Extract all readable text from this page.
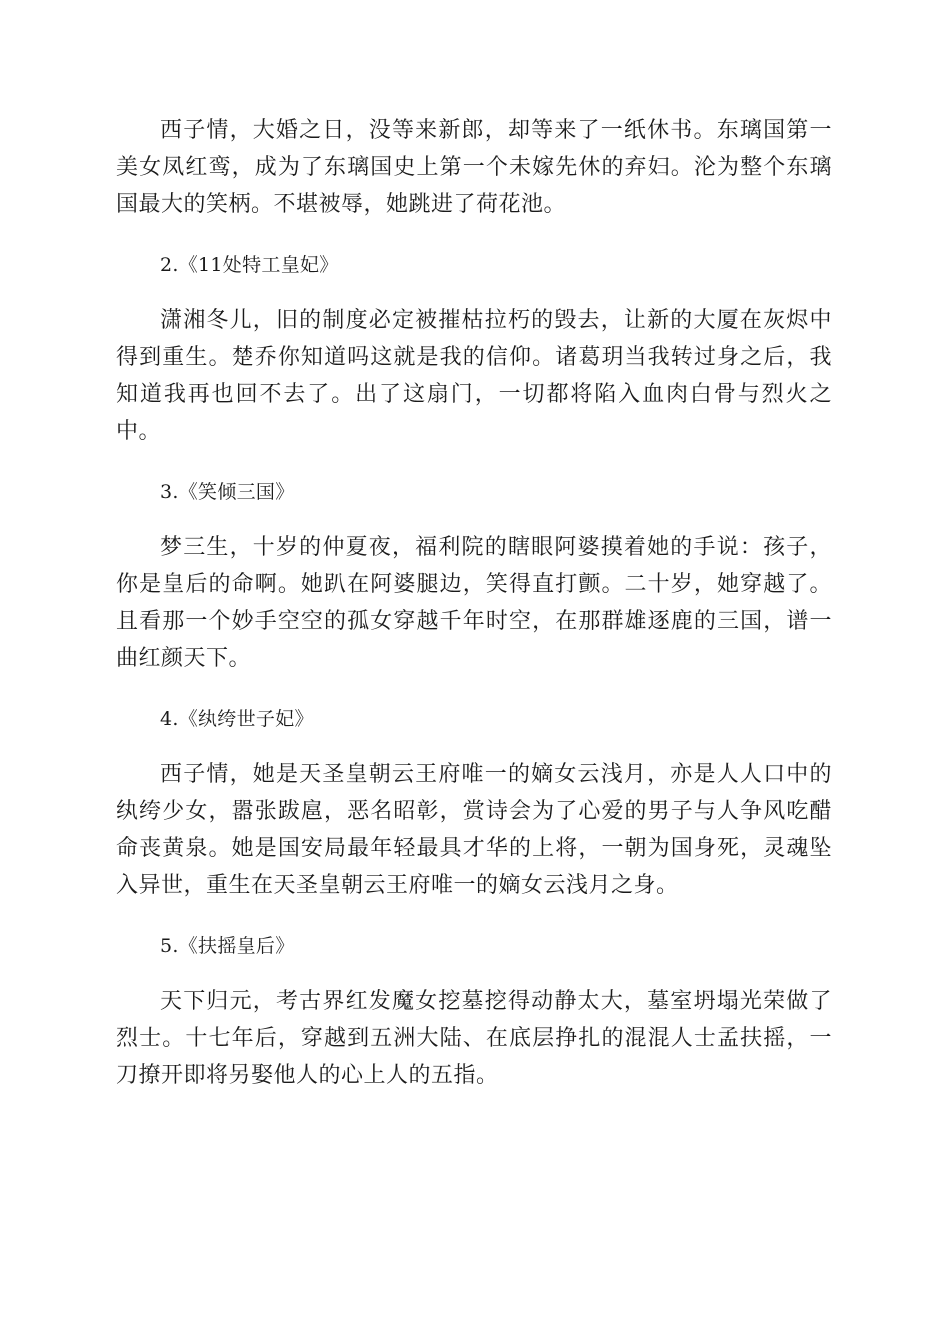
西子情，大婚之日，没等来新郎，却等来了一纸休书。东璃国第一美女凤红鸾，成为了东璃国史上第一个未嫁先休的弃妇。沦为整个东璃国最大的笑柄。不堪被辱，她跳进了荷花池。

2.《11处特工皇妃》

潇湘冬儿，旧的制度必定被摧枯拉朽的毁去，让新的大厦在灰烬中得到重生。楚乔你知道吗这就是我的信仰。诸葛玥当我转过身之后，我知道我再也回不去了。出了这扇门，一切都将陷入血肉白骨与烈火之中。

3.《笑倾三国》

梦三生，十岁的仲夏夜，福利院的瞎眼阿婆摸着她的手说：孩子，你是皇后的命啊。她趴在阿婆腿边，笑得直打颤。二十岁，她穿越了。且看那一个妙手空空的孤女穿越千年时空，在那群雄逐鹿的三国，谱一曲红颜天下。

4.《纨绔世子妃》

西子情，她是天圣皇朝云王府唯一的嫡女云浅月，亦是人人口中的纨绔少女，嚣张跋扈，恶名昭彰，赏诗会为了心爱的男子与人争风吃醋命丧黄泉。她是国安局最年轻最具才华的上将，一朝为国身死，灵魂坠入异世，重生在天圣皇朝云王府唯一的嫡女云浅月之身。

5.《扶摇皇后》

天下归元，考古界红发魔女挖墓挖得动静太大，墓室坍塌光荣做了烈士。十七年后，穿越到五洲大陆、在底层挣扎的混混人士孟扶摇，一刀撩开即将另娶他人的心上人的五指。
